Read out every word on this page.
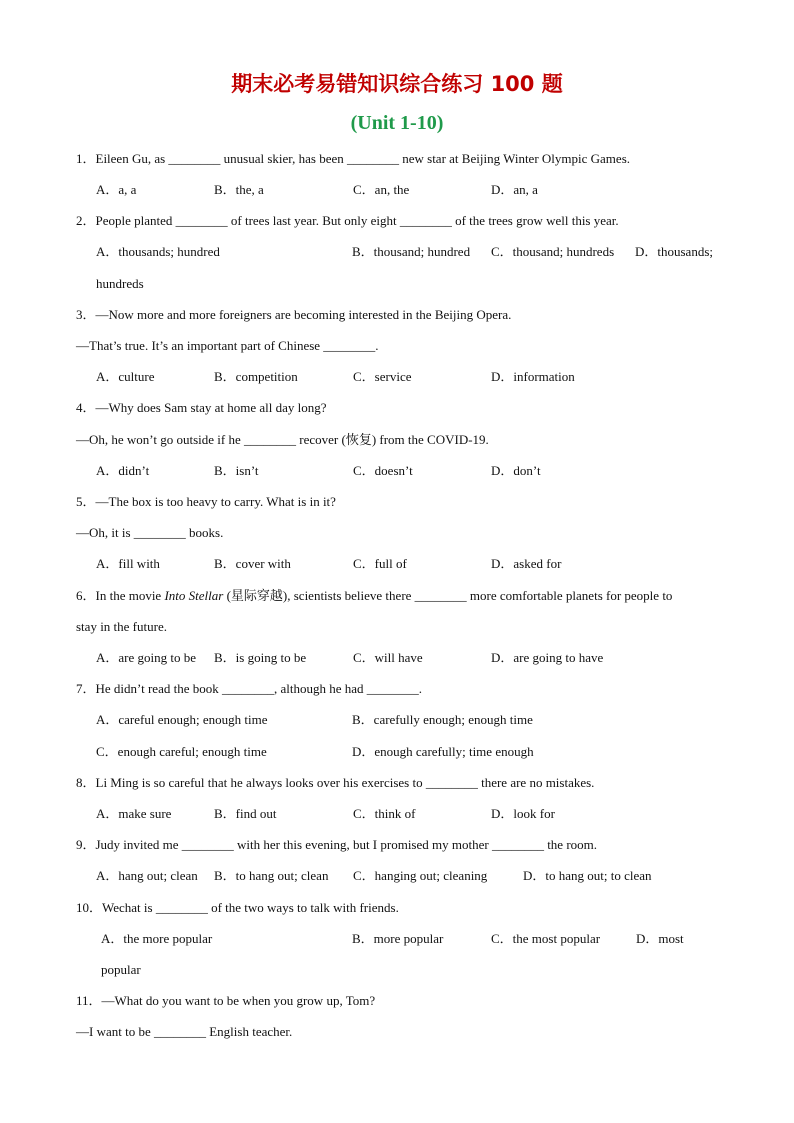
期末必考易错知识综合练习 100 题
(Unit 1-10)
1．Eileen Gu, as ________ unusual skier, has been ________ new star at Beijing Winter Olympic Games.
A．a, a	B．the, a	C．an, the	D．an, a
2．People planted ________ of trees last year. But only eight ________ of the trees grow well this year.
A．thousands; hundred	B．thousand; hundred C．thousand; hundreds D．thousands;
hundreds
3．—Now more and more foreigners are becoming interested in the Beijing Opera.
—That’s true. It’s an important part of Chinese ________.
A．culture	B．competition	C．service	D．information
4．—Why does Sam stay at home all day long?
—Oh, he won’t go outside if he ________ recover (恢复) from the COVID-19.
A．didn’t	B．isn’t	C．doesn’t	D．don’t
5．—The box is too heavy to carry. What is in it?
—Oh, it is ________ books.
A．fill with	B．cover with	C．full of	D．asked for
6．In the movie Into Stellar (星际穿越), scientists believe there ________ more comfortable planets for people to
stay in the future.
A．are going to be B．is going to be	C．will have	D．are going to have
7．He didn’t read the book ________, although he had ________.
A．careful enough; enough time	B．carefully enough; enough time
C．enough careful; enough time	D．enough carefully; time enough
8．Li Ming is so careful that he always looks over his exercises to ________ there are no mistakes.
A．make sure	B．find out	C．think of	D．look for
9．Judy invited me ________ with her this evening, but I promised my mother ________ the room.
A．hang out; clean B．to hang out; clean C．hanging out; cleaning	D．to hang out; to clean
10．Wechat is ________ of the two ways to talk with friends.
A．the more popular	B．more popular	C．the most popular	D．most
popular
11．—What do you want to be when you grow up, Tom?
—I want to be ________ English teacher.
